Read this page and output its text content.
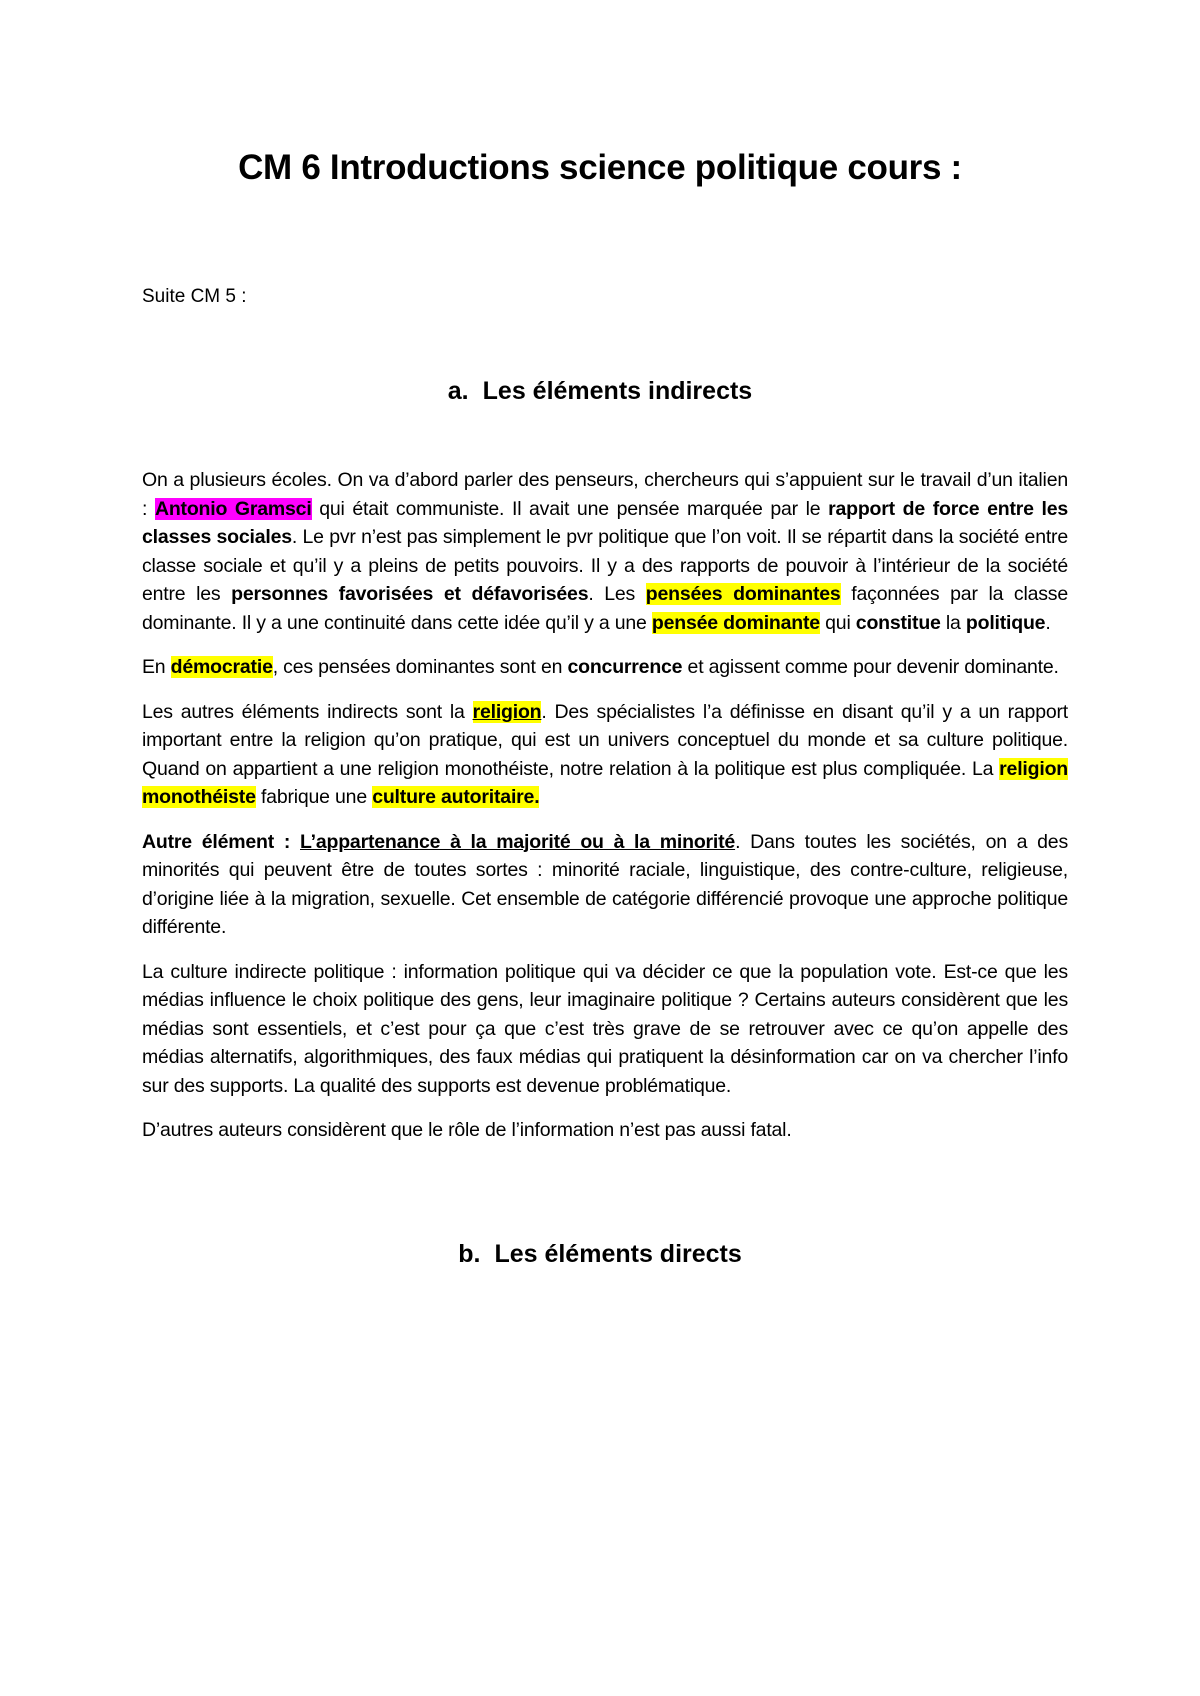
CM 6 Introductions science politique cours :

Suite CM 5 :

a. Les éléments indirects

On a plusieurs écoles. On va d’abord parler des penseurs, chercheurs qui s’appuient sur le travail d’un italien : Antonio Gramsci qui était communiste. Il avait une pensée marquée par le rapport de force entre les classes sociales. Le pvr n’est pas simplement le pvr politique que l’on voit. Il se répartit dans la société entre classe sociale et qu’il y a pleins de petits pouvoirs. Il y a des rapports de pouvoir à l’intérieur de la société entre les personnes favorisées et défavorisées. Les pensées dominantes façonnées par la classe dominante. Il y a une continuité dans cette idée qu’il y a une pensée dominante qui constitue la politique.

En démocratie, ces pensées dominantes sont en concurrence et agissent comme pour devenir dominante.

Les autres éléments indirects sont la religion. Des spécialistes l’a définisse en disant qu’il y a un rapport important entre la religion qu’on pratique, qui est un univers conceptuel du monde et sa culture politique. Quand on appartient a une religion monothéiste, notre relation à la politique est plus compliquée. La religion monothéiste fabrique une culture autoritaire.

Autre élément : L’appartenance à la majorité ou à la minorité. Dans toutes les sociétés, on a des minorités qui peuvent être de toutes sortes : minorité raciale, linguistique, des contre-culture, religieuse, d’origine liée à la migration, sexuelle. Cet ensemble de catégorie différencié provoque une approche politique différente.

La culture indirecte politique : information politique qui va décider ce que la population vote. Est-ce que les médias influence le choix politique des gens, leur imaginaire politique ? Certains auteurs considèrent que les médias sont essentiels, et c’est pour ça que c’est très grave de se retrouver avec ce qu’on appelle des médias alternatifs, algorithmiques, des faux médias qui pratiquent la désinformation car on va chercher l’info sur des supports. La qualité des supports est devenue problématique.

D’autres auteurs considèrent que le rôle de l’information n’est pas aussi fatal.

b. Les éléments directs
